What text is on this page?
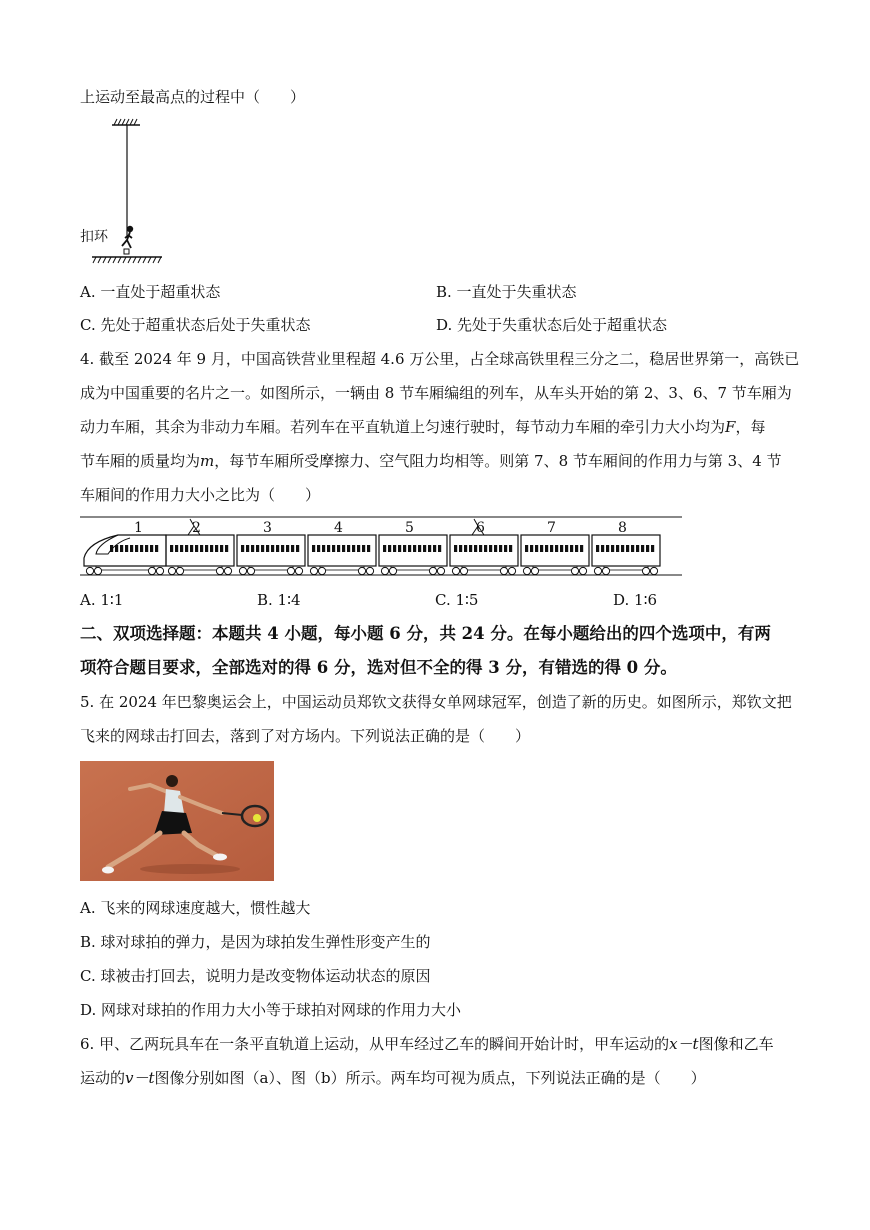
上运动至最高点的过程中（　　）
扣环
A. 一直处于超重状态	B. 一直处于失重状态
C. 先处于超重状态后处于失重状态	D. 先处于失重状态后处于超重状态
4. 截至 2024 年 9 月，中国高铁营业里程超 4.6 万公里，占全球高铁里程三分之二，稳居世界第一，高铁已
成为中国重要的名片之一。如图所示，一辆由 8 节车厢编组的列车，从车头开始的第 2、3、6、7 节车厢为
动力车厢，其余为非动力车厢。若列车在平直轨道上匀速行驶时，每节动力车厢的牵引力大小均为F，每
节车厢的质量均为m，每节车厢所受摩擦力、空气阻力均相等。则第 7、8 节车厢间的作用力与第 3、4 节
车厢间的作用力大小之比为（　　）
1	2	3	4	5	6	7	8
A. 1∶1	B. 1∶4	C. 1∶5	D. 1∶6
二、双项选择题：本题共 4 小题，每小题 6 分，共 24 分。在每小题给出的四个选项中，有两
项符合题目要求，全部选对的得 6 分，选对但不全的得 3 分，有错选的得 0 分。
5. 在 2024 年巴黎奥运会上，中国运动员郑钦文获得女单网球冠军，创造了新的历史。如图所示，郑钦文把
飞来的网球击打回去，落到了对方场内。下列说法正确的是（　　）
A. 飞来的网球速度越大，惯性越大
B. 球对球拍的弹力，是因为球拍发生弹性形变产生的
C. 球被击打回去，说明力是改变物体运动状态的原因
D. 网球对球拍的作用力大小等于球拍对网球的作用力大小
6. 甲、乙两玩具车在一条平直轨道上运动，从甲车经过乙车的瞬间开始计时，甲车运动的x－t图像和乙车
运动的v－t图像分别如图（a）、图（b）所示。两车均可视为质点，下列说法正确的是（　　）
